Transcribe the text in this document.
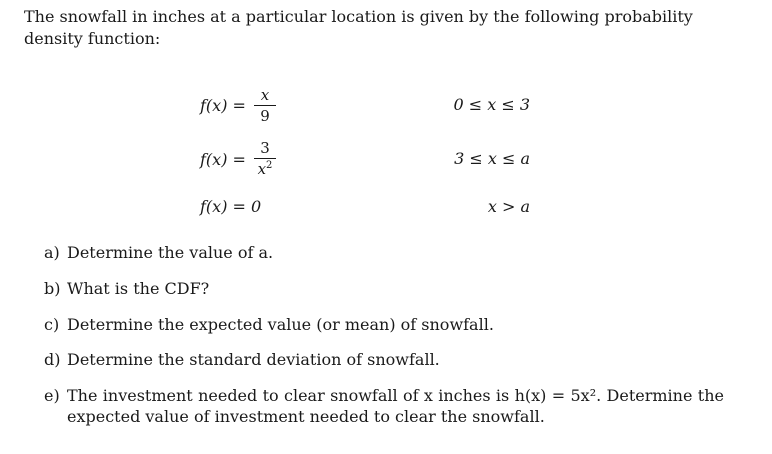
The snowfall in inches at a particular location is given by the following probability density function:
$f(x) = \frac{x}{9}$	0 ≤ x ≤ 3
$f(x) = \frac{3}{x^2}$	3 ≤ x ≤ a
f(x) = 0	x > a
a) Determine the value of a.
b) What is the CDF?
c) Determine the expected value (or mean) of snowfall.
d) Determine the standard deviation of snowfall.
e) The investment needed to clear snowfall of x inches is h(x) = 5x². Determine the expected value of investment needed to clear the snowfall.
